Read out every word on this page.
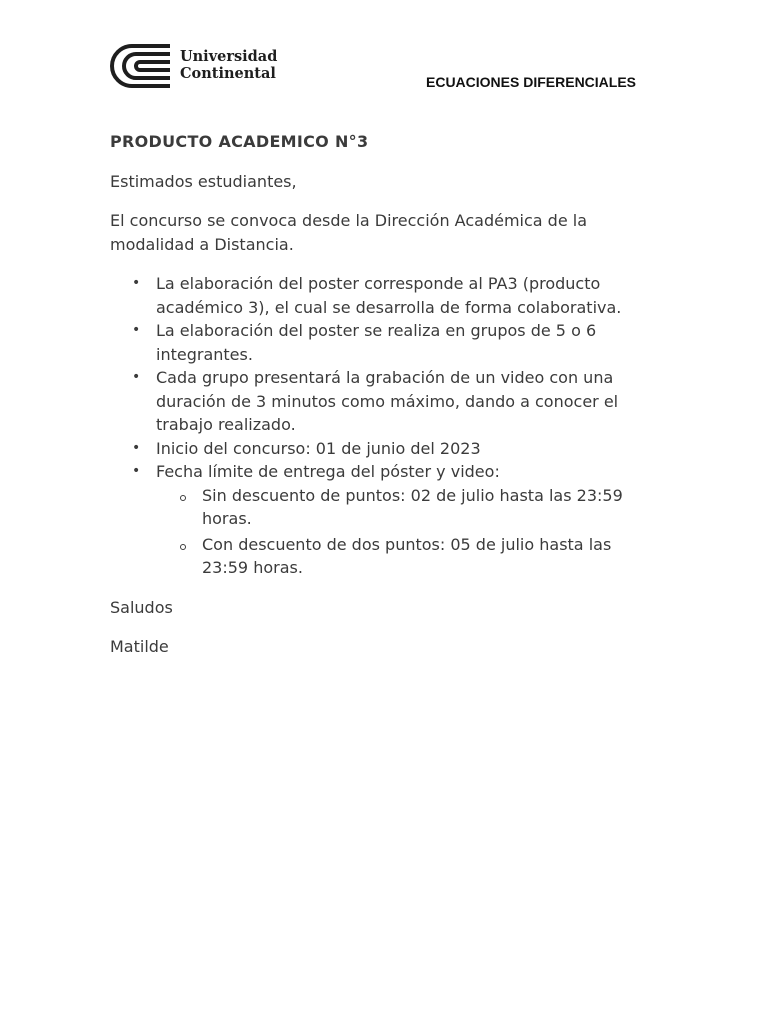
Universidad
Continental	ECUACIONES DIFERENCIALES
PRODUCTO ACADEMICO N°3

Estimados estudiantes,

El concurso se convoca desde la Dirección Académica de la modalidad a Distancia.

• La elaboración del poster corresponde al PA3 (producto académico 3), el cual se desarrolla de forma colaborativa.
• La elaboración del poster se realiza en grupos de 5 o 6 integrantes.
• Cada grupo presentará la grabación de un video con una duración de 3 minutos como máximo, dando a conocer el trabajo realizado.
• Inicio del concurso: 01 de junio del 2023
• Fecha límite de entrega del póster y video:
Sin descuento de puntos: 02 de julio hasta las 23:59 horas.
Con descuento de dos puntos: 05 de julio hasta las 23:59 horas.

Saludos

Matilde
